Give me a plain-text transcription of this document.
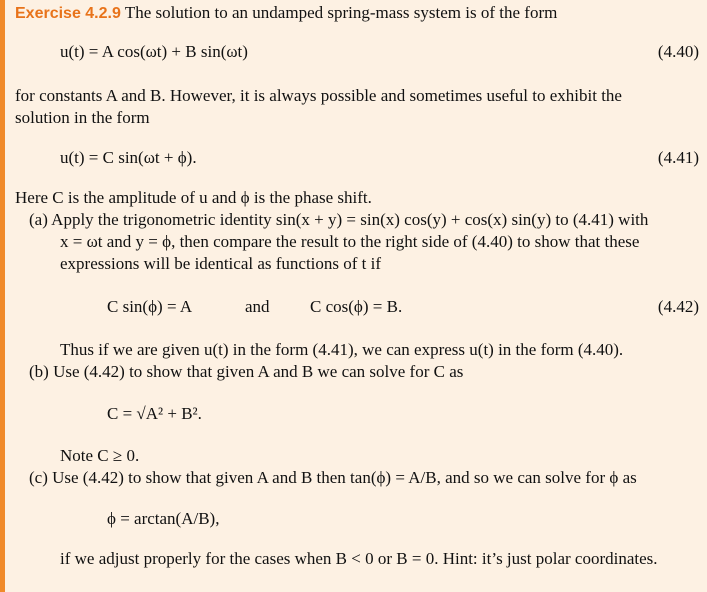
Exercise 4.2.9 The solution to an undamped spring-mass system is of the form
u(t) = A cos(ωt) + B sin(ωt)	(4.40)
for constants A and B. However, it is always possible and sometimes useful to exhibit the
solution in the form
u(t) = C sin(ωt + ϕ).	(4.41)
Here C is the amplitude of u and ϕ is the phase shift.
(a) Apply the trigonometric identity sin(x + y) = sin(x) cos(y) + cos(x) sin(y) to (4.41) with
x = ωt and y = ϕ, then compare the result to the right side of (4.40) to show that these
expressions will be identical as functions of t if
C sin(ϕ) = A	and C cos(ϕ) = B.	(4.42)
Thus if we are given u(t) in the form (4.41), we can express u(t) in the form (4.40).
(b) Use (4.42) to show that given A and B we can solve for C as
C = √A² + B².
Note C ≥ 0.
(c) Use (4.42) to show that given A and B then tan(ϕ) = A/B, and so we can solve for ϕ as
ϕ = arctan(A/B),
if we adjust properly for the cases when B < 0 or B = 0. Hint: it’s just polar coordinates.
